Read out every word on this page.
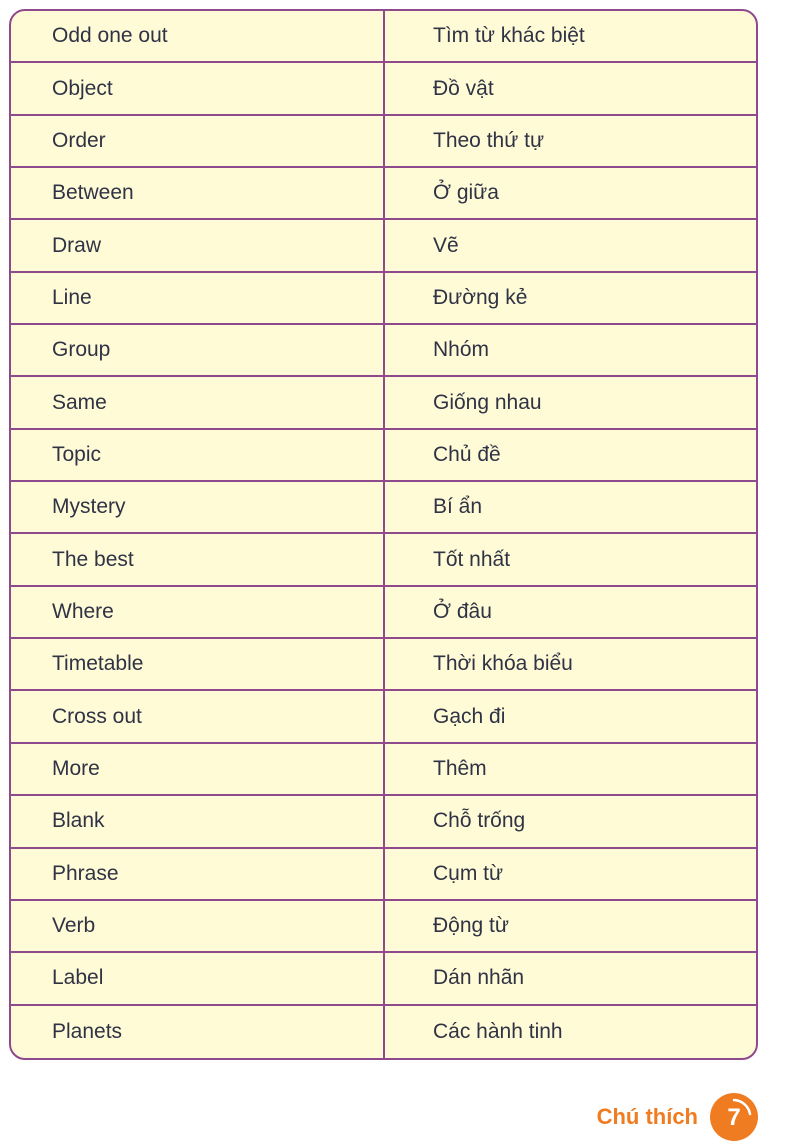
Odd one out	Tìm từ khác biệt
Object	Đồ vật
Order	Theo thứ tự
Between	Ở giữa
Draw	Vẽ
Line	Đường kẻ
Group	Nhóm
Same	Giống nhau
Topic	Chủ đề
Mystery	Bí ẩn
The best	Tốt nhất
Where	Ở đâu
Timetable	Thời khóa biểu
Cross out	Gạch đi
More	Thêm
Blank	Chỗ trống
Phrase	Cụm từ
Verb	Động từ
Label	Dán nhãn
Planets	Các hành tinh
Chú thích 7
